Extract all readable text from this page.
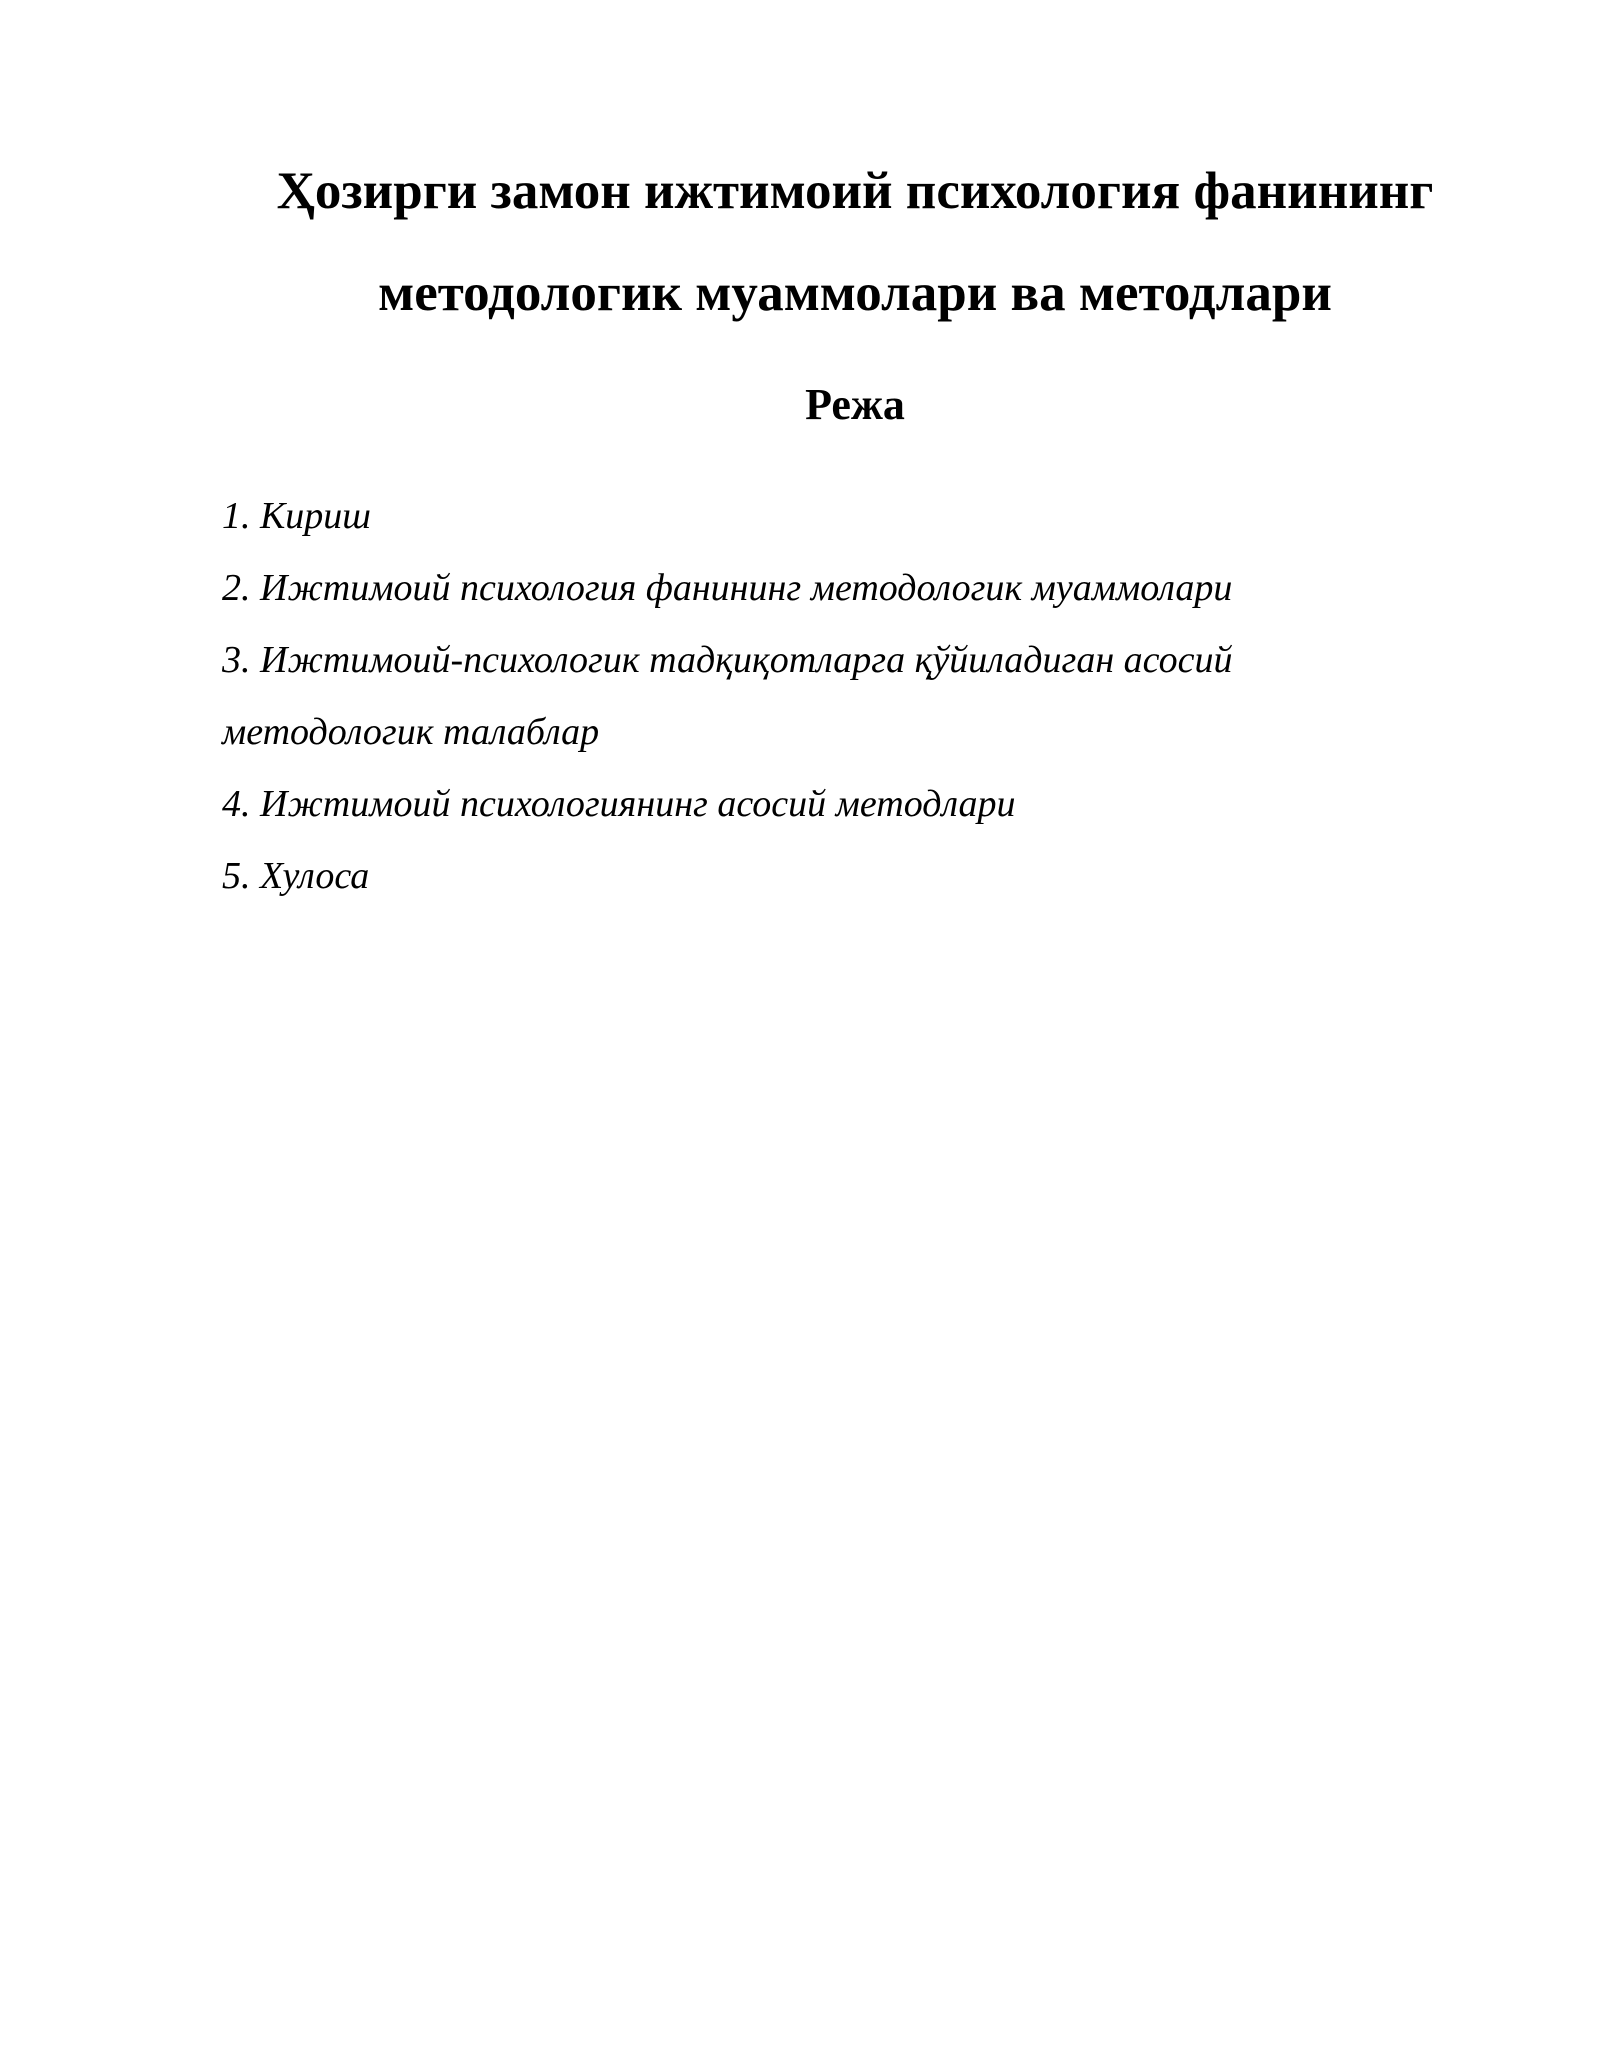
Ҳозирги замон ижтимоий психология фанининг
методологик муаммолари ва методлари
Режа
1. Кириш
2. Ижтимоий психология фанининг методологик муаммолари
3. Ижтимоий-психологик тадқиқотларга қўйиладиган асосий
методологик талаблар
4. Ижтимоий психологиянинг асосий методлари
5. Хулоса
